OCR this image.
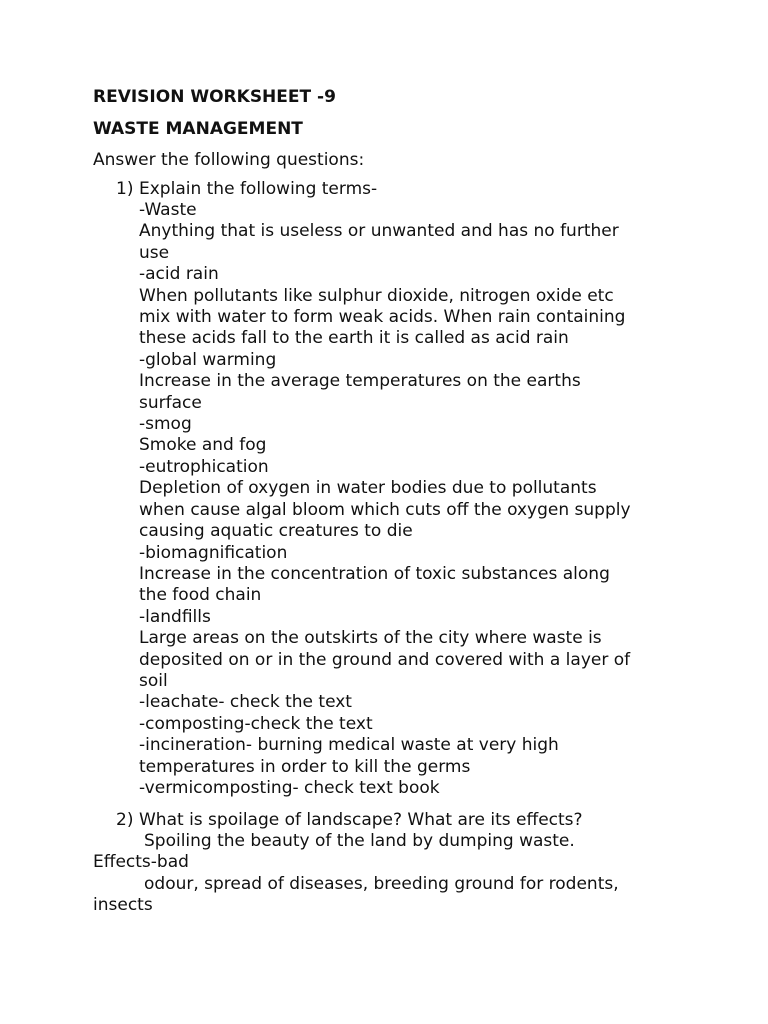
REVISION WORKSHEET -9
WASTE MANAGEMENT
Answer the following questions:
1) Explain the following terms-
-Waste
Anything that is useless or unwanted and has no further
use
-acid rain
When pollutants like sulphur dioxide, nitrogen oxide etc
mix with water to form weak acids. When rain containing
these acids fall to the earth it is called as acid rain
-global warming
Increase in the average temperatures on the earths
surface
-smog
Smoke and fog
-eutrophication
Depletion of oxygen in water bodies due to pollutants
when cause algal bloom which cuts off the oxygen supply
causing aquatic creatures to die
-biomagnification
Increase in the concentration of toxic substances along
the food chain
-landfills
Large areas on the outskirts of the city where waste is
deposited on or in the ground and covered with a layer of
soil
-leachate- check the text
-composting-check the text
-incineration- burning medical waste at very high
temperatures in order to kill the germs
-vermicomposting- check text book
2) What is spoilage of landscape? What are its effects?
Spoiling the beauty of the land by dumping waste.
Effects-bad
odour, spread of diseases, breeding ground for rodents,
insects
